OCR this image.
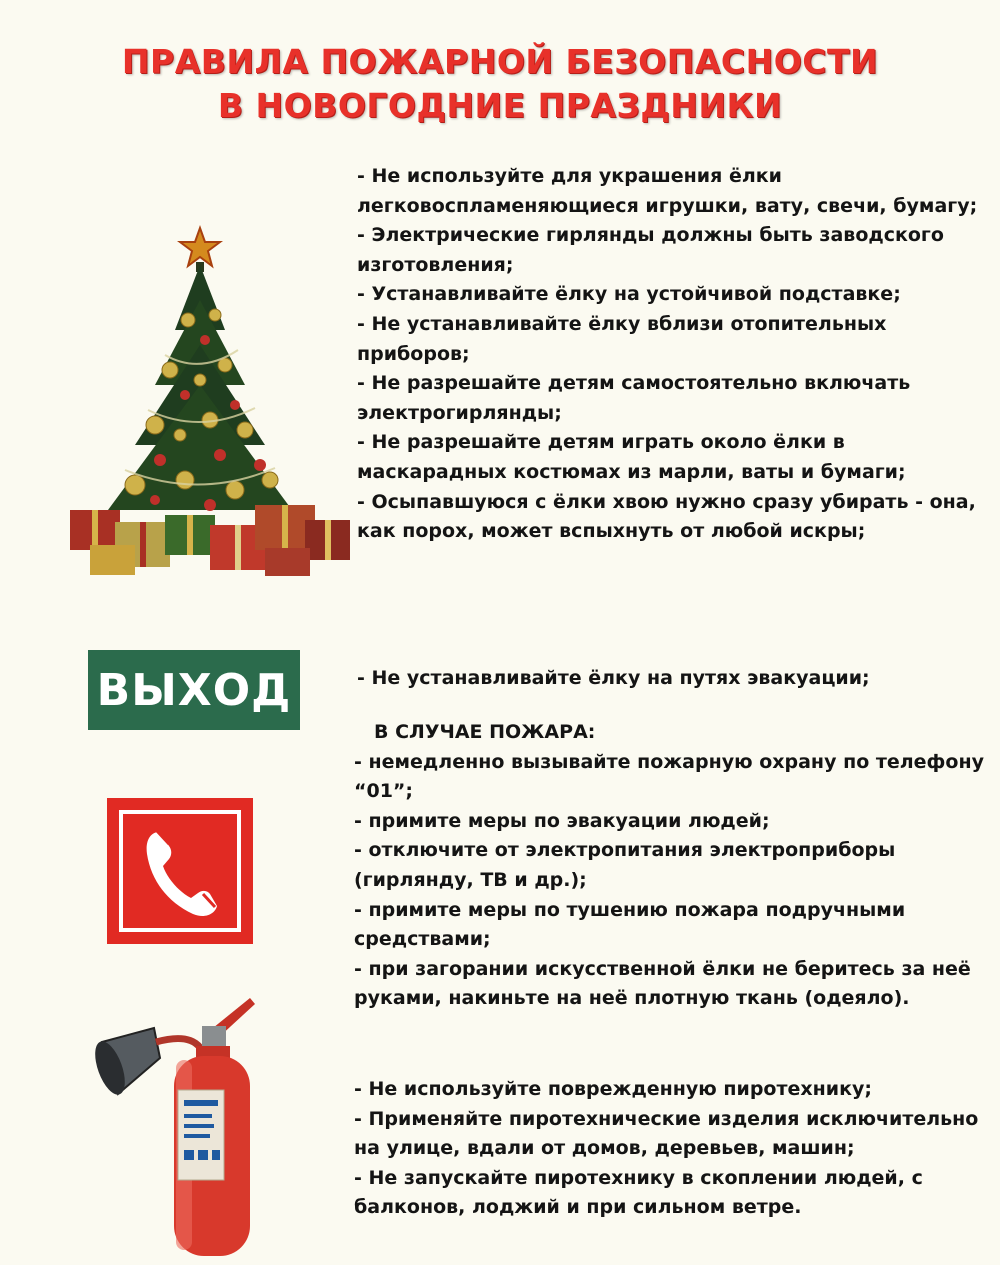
ПРАВИЛА ПОЖАРНОЙ БЕЗОПАСНОСТИ
В НОВОГОДНИЕ ПРАЗДНИКИ

- Не используйте для украшения ёлки легковоспламеняющиеся игрушки, вату, свечи, бумагу;

- Электрические гирлянды должны быть заводского изготовления;

- Устанавливайте ёлку на устойчивой подставке;

- Не устанавливайте ёлку вблизи отопительных приборов;

- Не разрешайте детям самостоятельно включать электрогирлянды;

- Не разрешайте детям играть около ёлки в маскарадных костюмах из марли, ваты и бумаги;

- Осыпавшуюся с ёлки хвою нужно сразу убирать - она, как порох, может вспыхнуть от любой искры;

ВЫХОД	- Не устанавливайте ёлку на путях эвакуации;

В СЛУЧАЕ ПОЖАРА:

- немедленно вызывайте пожарную охрану по телефону “01”;

- примите меры по эвакуации людей;

- отключите от электропитания электроприборы (гирлянду, ТВ и др.);

- примите меры по тушению пожара подручными средствами;

- при загорании искусственной ёлки не беритесь за неё руками, накиньте на неё плотную ткань (одеяло).

- Не используйте поврежденную пиротехнику;

- Применяйте пиротехнические изделия исключительно на улице, вдали от домов, деревьев, машин;

- Не запускайте пиротехнику в скоплении людей, с балконов, лоджий и при сильном ветре.
